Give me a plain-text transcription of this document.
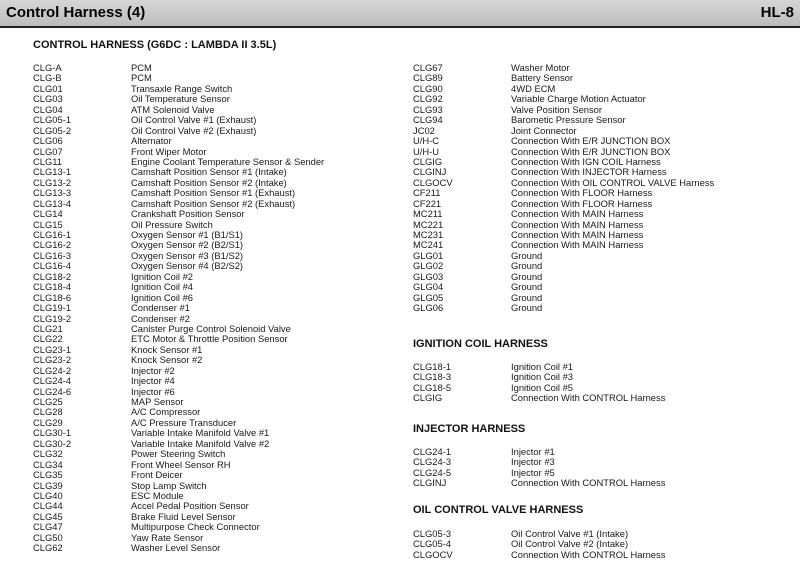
Control Harness (4)	HL-8
CONTROL HARNESS (G6DC : LAMBDA II 3.5L)
CLG-A	PCM
CLG-B	PCM
CLG01	Transaxle Range Switch
CLG03	Oil Temperature Sensor
CLG04	ATM Solenoid Valve
CLG05-1	Oil Control Valve #1 (Exhaust)
CLG05-2	Oil Control Valve #2 (Exhaust)
CLG06	Alternator
CLG07	Front Wiper Motor
CLG11	Engine Coolant Temperature Sensor & Sender
CLG13-1	Camshaft Position Sensor #1 (Intake)
CLG13-2	Camshaft Position Sensor #2 (Intake)
CLG13-3	Camshaft Position Sensor #1 (Exhaust)
CLG13-4	Camshaft Position Sensor #2 (Exhaust)
CLG14	Crankshaft Position Sensor
CLG15	Oil Pressure Switch
CLG16-1	Oxygen Sensor #1 (B1/S1)
CLG16-2	Oxygen Sensor #2 (B2/S1)
CLG16-3	Oxygen Sensor #3 (B1/S2)
CLG16-4	Oxygen Sensor #4 (B2/S2)
CLG18-2	Ignition Coil #2
CLG18-4	Ignition Coil #4
CLG18-6	Ignition Coil #6
CLG19-1	Condenser #1
CLG19-2	Condenser #2
CLG21	Canister Purge Control Solenoid Valve
CLG22	ETC Motor & Throttle Position Sensor
CLG23-1	Knock Sensor #1
CLG23-2	Knock Sensor #2
CLG24-2	Injector #2
CLG24-4	Injector #4
CLG24-6	Injector #6
CLG25	MAP Sensor
CLG28	A/C Compressor
CLG29	A/C Pressure Transducer
CLG30-1	Variable Intake Manifold Valve #1
CLG30-2	Variable Intake Manifold Valve #2
CLG32	Power Steering Switch
CLG34	Front Wheel Sensor RH
CLG35	Front Deicer
CLG39	Stop Lamp Switch
CLG40	ESC Module
CLG44	Accel Pedal Position Sensor
CLG45	Brake Fluid Level Sensor
CLG47	Multipurpose Check Connector
CLG50	Yaw Rate Sensor
CLG62	Washer Level Sensor
CLG67	Washer Motor
CLG89	Battery Sensor
CLG90	4WD ECM
CLG92	Variable Charge Motion Actuator
CLG93	Valve Position Sensor
CLG94	Barometic Pressure Sensor
JC02	Joint Connector
U/H-C	Connection With E/R JUNCTION BOX
U/H-U	Connection With E/R JUNCTION BOX
CLGIG	Connection With IGN COIL Harness
CLGINJ	Connection With INJECTOR Harness
CLGOCV	Connection With OIL CONTROL VALVE Harness
CF211	Connection With FLOOR Harness
CF221	Connection With FLOOR Harness
MC211	Connection With MAIN Harness
MC221	Connection With MAIN Harness
MC231	Connection With MAIN Harness
MC241	Connection With MAIN Harness
GLG01	Ground
GLG02	Ground
GLG03	Ground
GLG04	Ground
GLG05	Ground
GLG06	Ground
IGNITION COIL HARNESS
CLG18-1	Ignition Coil #1
CLG18-3	Ignition Coil #3
CLG18-5	Ignition Coil #5
CLGIG	Connection With CONTROL Harness
INJECTOR HARNESS
CLG24-1	Injector #1
CLG24-3	Injector #3
CLG24-5	Injector #5
CLGINJ	Connection With CONTROL Harness
OIL CONTROL VALVE HARNESS
CLG05-3	Oil Control Valve #1 (Intake)
CLG05-4	Oil Control Valve #2 (Intake)
CLGOCV	Connection With CONTROL Harness
